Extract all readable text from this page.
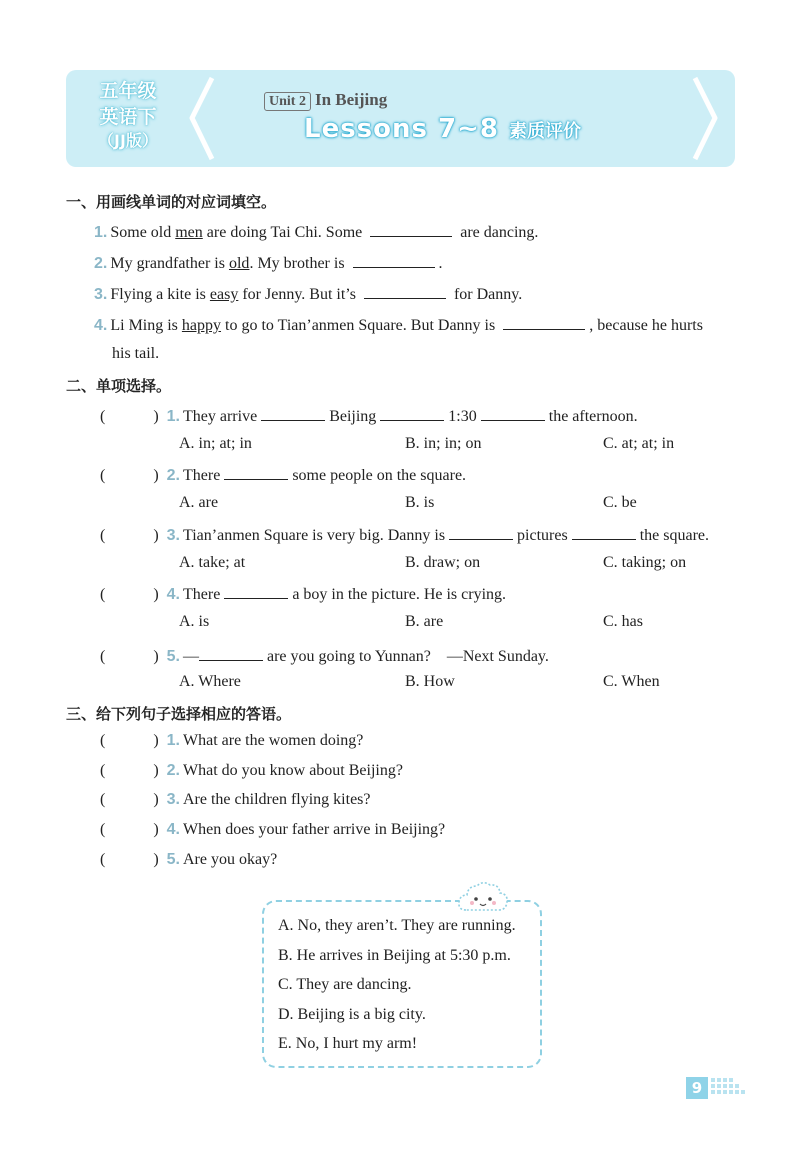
五年级
英语下
（JJ版）
Unit 2 In Beijing
Lessons 7~8 素质评价
一、用画线单词的对应词填空。
1. Some old men are doing Tai Chi. Some	are dancing.
2. My grandfather is old. My brother is	.
3. Flying a kite is easy for Jenny. But it’s	for Danny.
4. Li Ming is happy to go to Tian’anmen Square. But Danny is	, because he hurts
his tail.
二、单项选择。
(	) 1. They arrive	Beijing	1:30	the afternoon.
A. in; at; in	B. in; in; on	C. at; at; in
(	) 2. There	some people on the square.
A. are	B. is	C. be
(	) 3. Tian’anmen Square is very big. Danny is	pictures	the square.
A. take; at	B. draw; on	C. taking; on
(	) 4. There	a boy in the picture. He is crying.
A. is	B. are	C. has
(	) 5. —	are you going to Yunnan?　—Next Sunday.
A. Where	B. How	C. When
三、给下列句子选择相应的答语。
(	) 1. What are the women doing?
(	) 2. What do you know about Beijing?
(	) 3. Are the children flying kites?
(	) 4. When does your father arrive in Beijing?
(	) 5. Are you okay?
A. No, they aren’t. They are running.
B. He arrives in Beijing at 5:30 p.m.
C. They are dancing.
D. Beijing is a big city.
E. No, I hurt my arm!
9
